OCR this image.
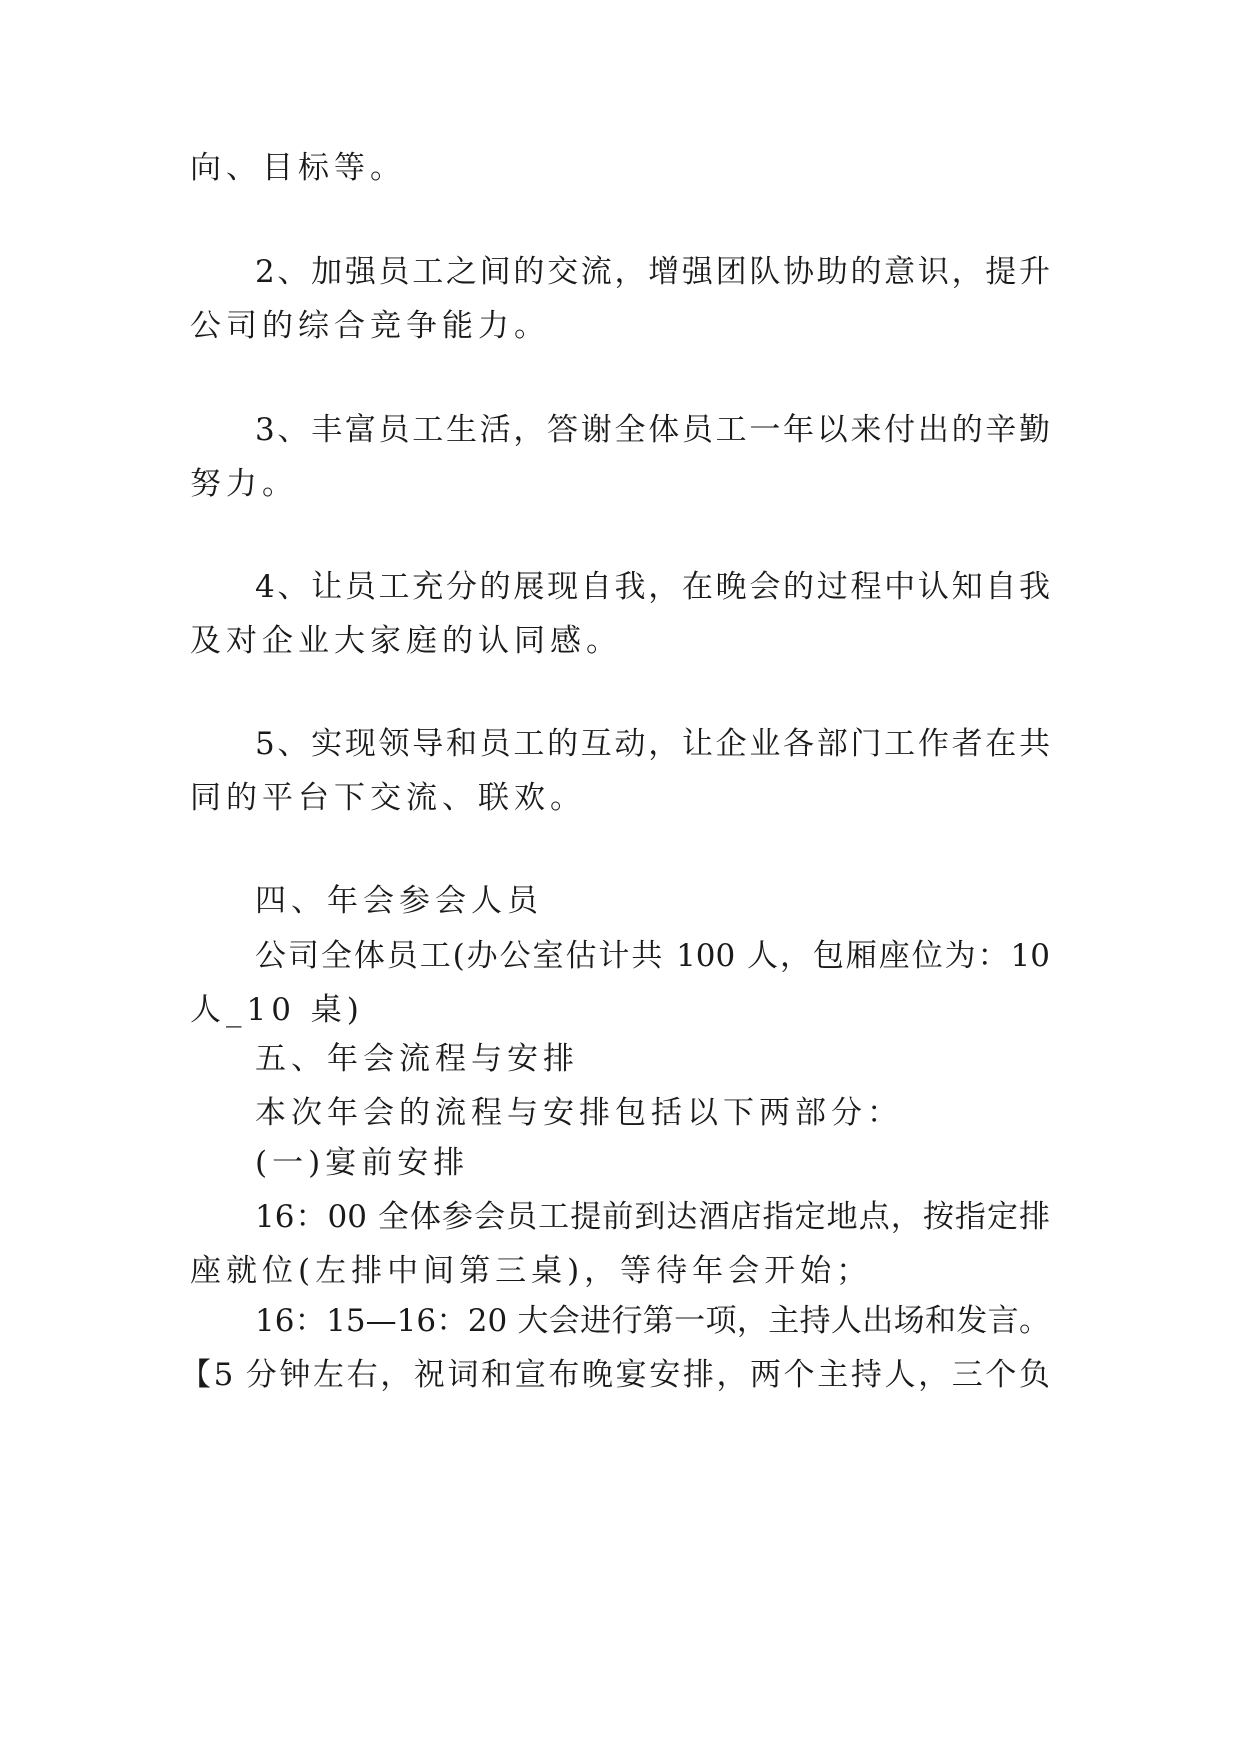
向、目标等。
2、加强员工之间的交流，增强团队协助的意识，提升
公司的综合竞争能力。
3、丰富员工生活，答谢全体员工一年以来付出的辛勤
努力。
4、让员工充分的展现自我，在晚会的过程中认知自我
及对企业大家庭的认同感。
5、实现领导和员工的互动，让企业各部门工作者在共
同的平台下交流、联欢。
四、年会参会人员
公司全体员工(办公室估计共 100 人，包厢座位为：10
人_10 桌)
五、年会流程与安排
本次年会的流程与安排包括以下两部分：
(一)宴前安排
16：00 全体参会员工提前到达酒店指定地点，按指定排
座就位(左排中间第三桌)，等待年会开始；
16：15—16：20 大会进行第一项，主持人出场和发言。
【5 分钟左右，祝词和宣布晚宴安排，两个主持人，三个负
